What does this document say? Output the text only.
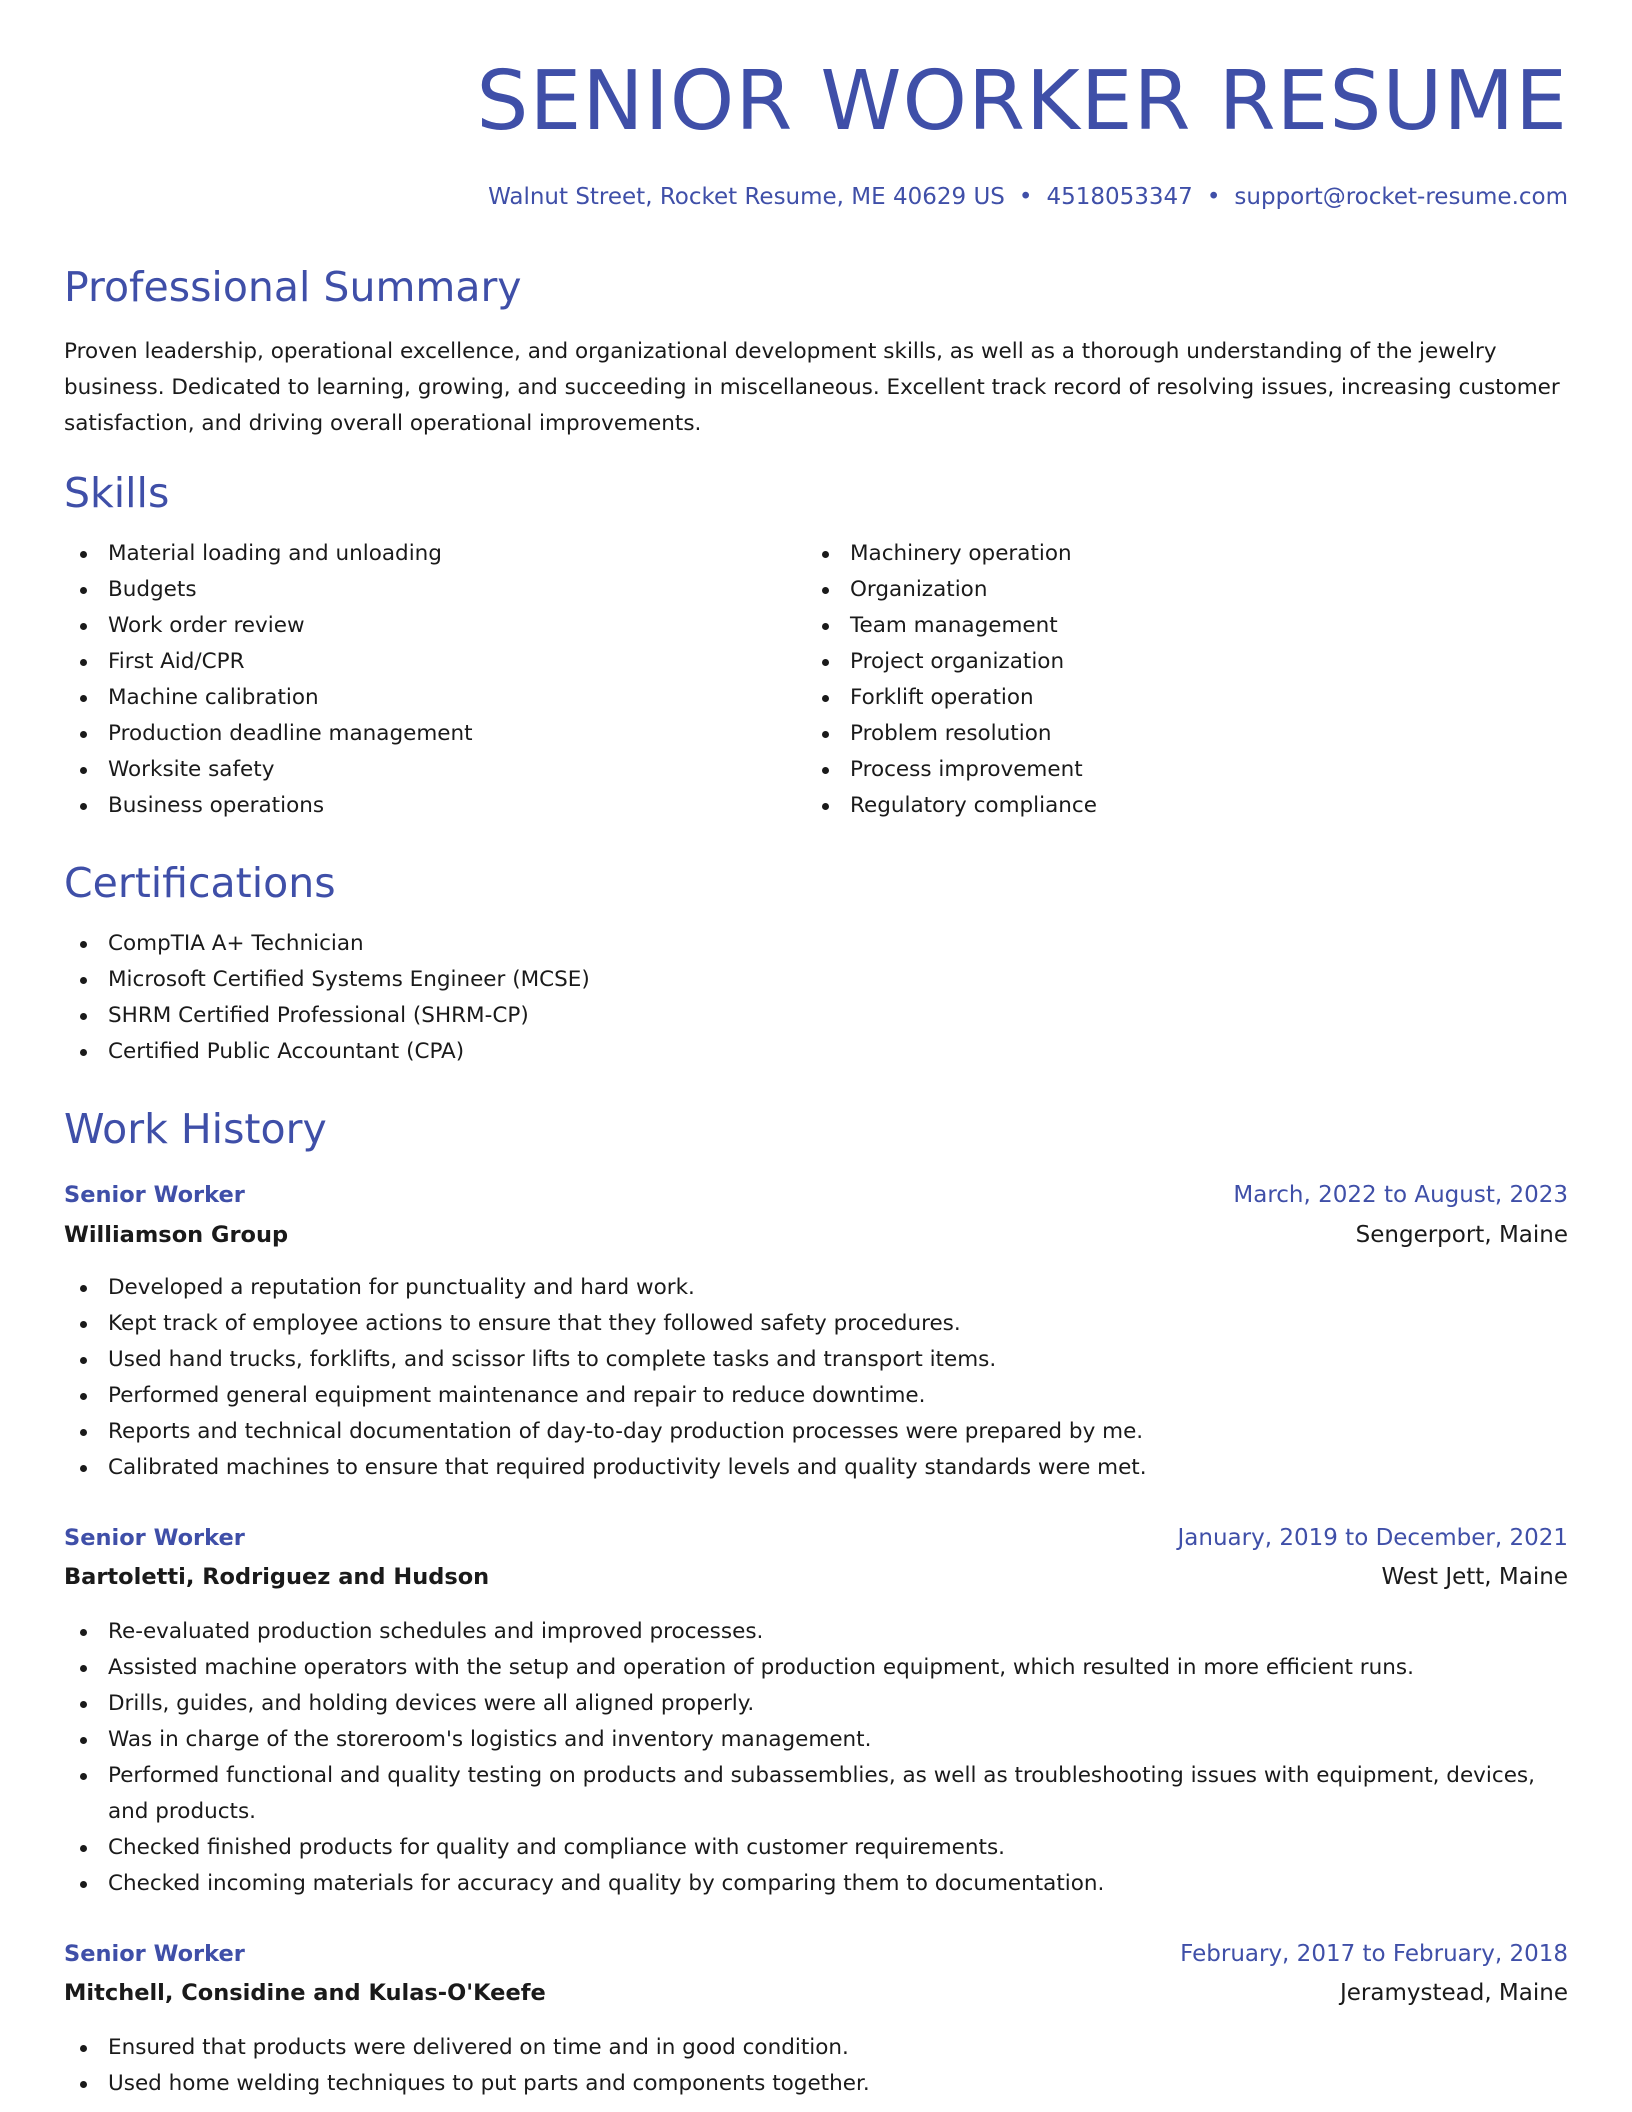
SENIOR WORKER RESUME
Walnut Street, Rocket Resume, ME 40629 US • 4518053347 • support@rocket-resume.com
Professional Summary

Proven leadership, operational excellence, and organizational development skills, as well as a thorough understanding of the jewelry business. Dedicated to learning, growing, and succeeding in miscellaneous. Excellent track record of resolving issues, increasing customer satisfaction, and driving overall operational improvements.

Skills
Material loading and unloading
Budgets
Work order review
First Aid/CPR
Machine calibration
Production deadline management
Worksite safety
Business operations
Machinery operation
Organization
Team management
Project organization
Forklift operation
Problem resolution
Process improvement
Regulatory compliance
Certifications
CompTIA A+ Technician
Microsoft Certified Systems Engineer (MCSE)
SHRM Certified Professional (SHRM-CP)
Certified Public Accountant (CPA)
Work History
Senior Worker	March, 2022 to August, 2023
Williamson Group	Sengerport, Maine
Developed a reputation for punctuality and hard work.
Kept track of employee actions to ensure that they followed safety procedures.
Used hand trucks, forklifts, and scissor lifts to complete tasks and transport items.
Performed general equipment maintenance and repair to reduce downtime.
Reports and technical documentation of day-to-day production processes were prepared by me.
Calibrated machines to ensure that required productivity levels and quality standards were met.
Senior Worker	January, 2019 to December, 2021
Bartoletti, Rodriguez and Hudson	West Jett, Maine
Re-evaluated production schedules and improved processes.
Assisted machine operators with the setup and operation of production equipment, which resulted in more efficient runs.
Drills, guides, and holding devices were all aligned properly.
Was in charge of the storeroom's logistics and inventory management.
Performed functional and quality testing on products and subassemblies, as well as troubleshooting issues with equipment, devices, and products.
Checked finished products for quality and compliance with customer requirements.
Checked incoming materials for accuracy and quality by comparing them to documentation.
Senior Worker	February, 2017 to February, 2018
Mitchell, Considine and Kulas-O'Keefe	Jeramystead, Maine
Ensured that products were delivered on time and in good condition.
Used home welding techniques to put parts and components together.
